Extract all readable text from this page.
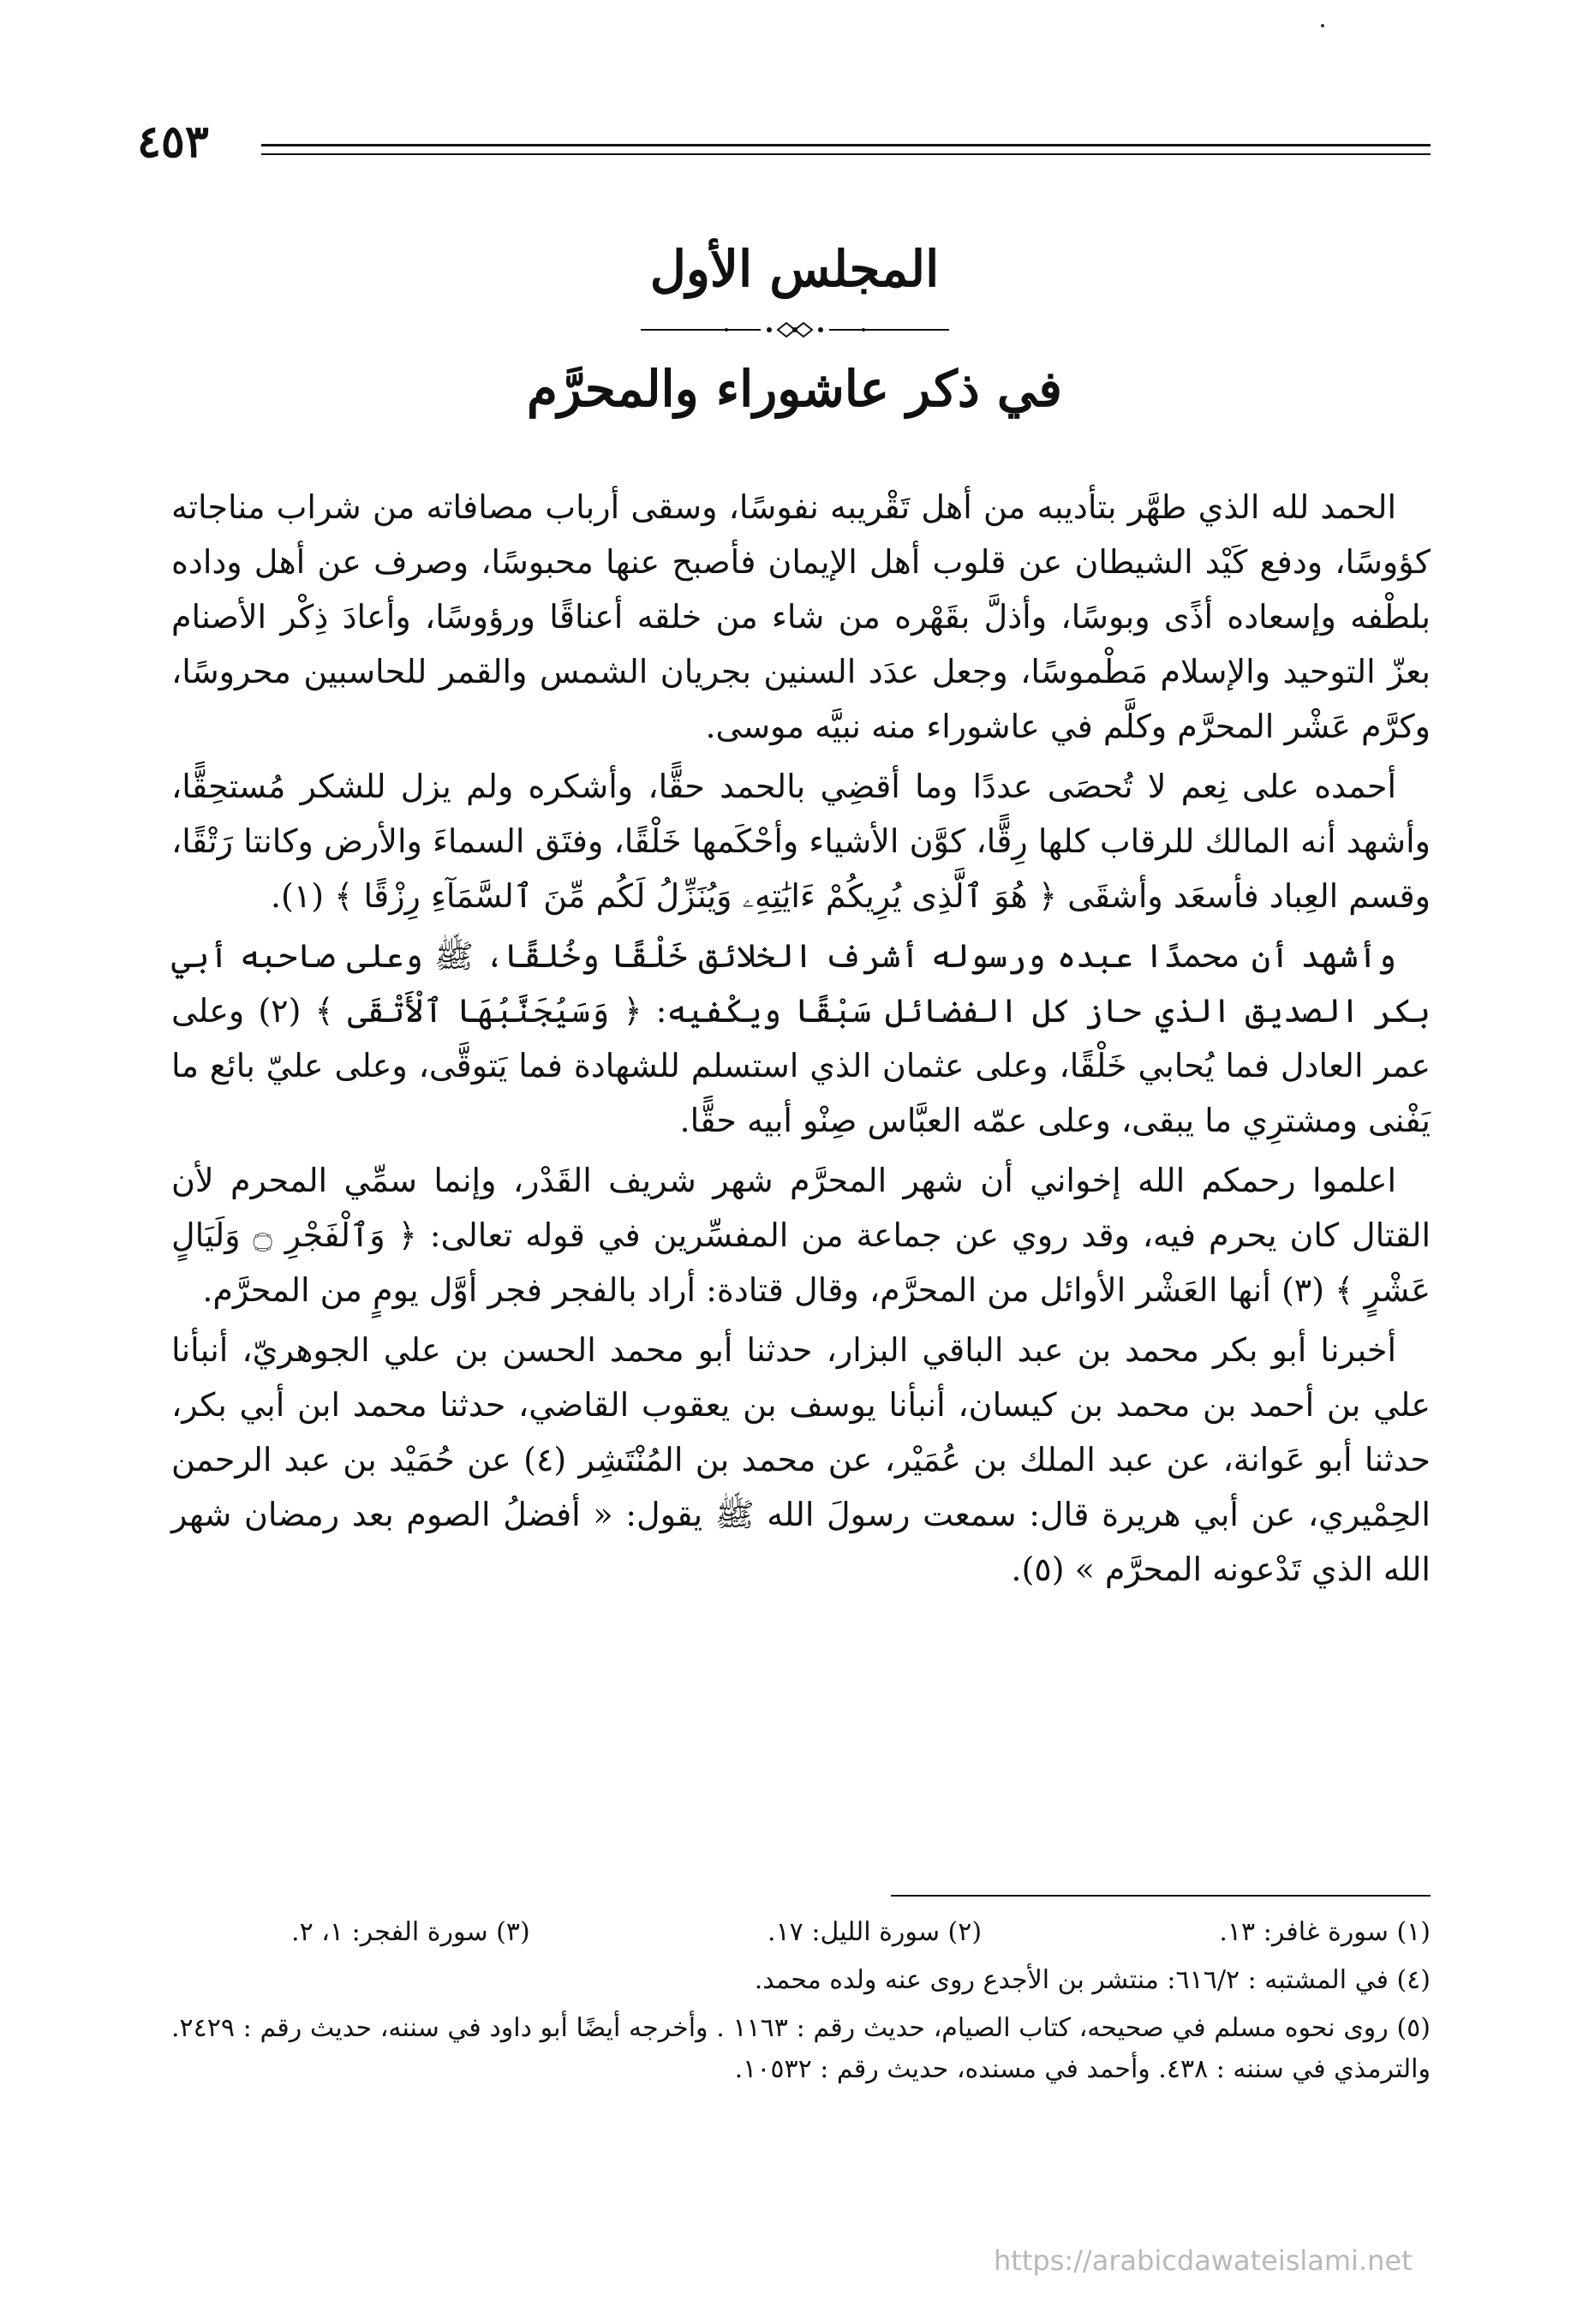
٤٥٣
المجلس الأول
في ذكر عاشوراء والمحرَّم

الحمد لله الذي طهَّر بتأديبه من أهل تَقْريبه نفوسًا، وسقى أرباب مصافاته من شراب مناجاته كؤوسًا، ودفع كَيْد الشيطان عن قلوب أهل الإيمان فأصبح عنها محبوسًا، وصرف عن أهل وداده بلطْفه وإسعاده أذًى وبوسًا، وأذلَّ بقَهْره من شاء من خلقه أعناقًا ورؤوسًا، وأعادَ ذِكْر الأصنام بعزّ التوحيد والإسلام مَطْموسًا، وجعل عدَد السنين بجريان الشمس والقمر للحاسبين محروسًا، وكرَّم عَشْر المحرَّم وكلَّم في عاشوراء منه نبيَّه موسى.

أحمده على نِعم لا تُحصَى عددًا وما أقضِي بالحمد حقًّا، وأشكره ولم يزل للشكر مُستحِقًّا، وأشهد أنه المالك للرقاب كلها رِقًّا، كوَّن الأشياء وأحْكَمها خَلْقًا، وفتَق السماءَ والأرض وكانتا رَتْقًا، وقسم العِباد فأسعَد وأشقَى ﴿ هُوَ ٱلَّذِى يُرِيكُمْ ءَايَٰتِهِۦ وَيُنَزِّلُ لَكُم مِّنَ ٱلسَّمَآءِ رِزْقًا ﴾ (١).

وأشهد أن محمدًا عبده ورسوله أشرف الخلائق خَلْقًا وخُلقًا، ﷺ وعلى صاحبه أبي بكر الصديق الذي حاز كل الفضائل سَبْقًا ويكْفيه: ﴿ وَسَيُجَنَّبُهَا ٱلْأَتْقَى ﴾ (٢) وعلى عمر العادل فما يُحابي خَلْقًا، وعلى عثمان الذي استسلم للشهادة فما يَتوقَّى، وعلى عليّ بائع ما يَفْنى ومشترِي ما يبقى، وعلى عمّه العبَّاس صِنْو أبيه حقًّا.

اعلموا رحمكم الله إخواني أن شهر المحرَّم شهر شريف القَدْر، وإنما سمِّي المحرم لأن القتال كان يحرم فيه، وقد روي عن جماعة من المفسِّرين في قوله تعالى: ﴿ وَٱلْفَجْرِ ۝ وَلَيَالٍ عَشْرٍ ﴾ (٣) أنها العَشْر الأوائل من المحرَّم، وقال قتادة: أراد بالفجر فجر أوَّل يومٍ من المحرَّم.

أخبرنا أبو بكر محمد بن عبد الباقي البزار، حدثنا أبو محمد الحسن بن علي الجوهريّ، أنبأنا علي بن أحمد بن محمد بن كيسان، أنبأنا يوسف بن يعقوب القاضي، حدثنا محمد ابن أبي بكر، حدثنا أبو عَوانة، عن عبد الملك بن عُمَيْر، عن محمد بن المُنْتَشِر (٤) عن حُمَيْد بن عبد الرحمن الحِمْيري، عن أبي هريرة قال: سمعت رسولَ الله ﷺ يقول: « أفضلُ الصوم بعد رمضان شهر الله الذي تَدْعونه المحرَّم » (٥).

(١) سورة غافر: ١٣.
(٢) سورة الليل: ١٧.
(٣) سورة الفجر: ١، ٢.

(٤) في المشتبه : ٦١٦/٢: منتشر بن الأجدع روى عنه ولده محمد.

(٥) روى نحوه مسلم في صحيحه، كتاب الصيام، حديث رقم : ١١٦٣ . وأخرجه أيضًا أبو داود في سننه، حديث رقم : ٢٤٢٩. والترمذي في سننه : ٤٣٨. وأحمد في مسنده، حديث رقم : ١٠٥٣٢.

https://arabicdawateislami.net
